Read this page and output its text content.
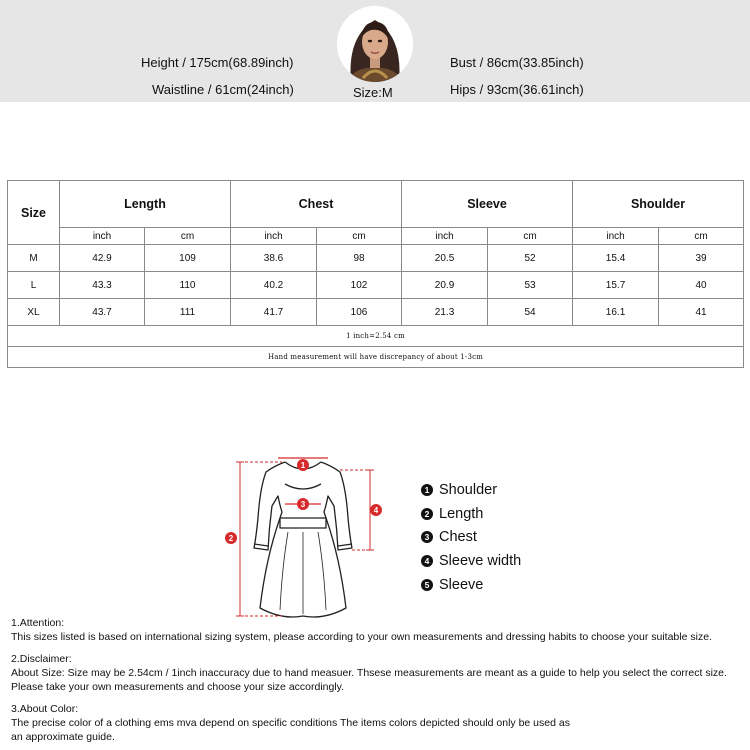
Height / 175cm(68.89inch)
Waistline / 61cm(24inch)	Size:M
Bust / 86cm(33.85inch)
Hips / 93cm(36.61inch)
Size	Length		Chest		Sleeve		Shoulder	
	inch	cm	inch	cm	inch	cm	inch	cm
M	42.9	109	38.6	98	20.5	52	15.4	39
L	43.3	110	40.2	102	20.9	53	15.7	40
XL	43.7	111	41.7	106	21.3	54	16.1	41
1 inch=2.54 cm								
Hand measurement will have discrepancy of about 1-3cm								
1
2
3
4
1 Shoulder
2 Length
3 Chest
4 Sleeve width
5 Sleeve

1.Attention:

This sizes listed is based on international sizing system, please according to your own measurements and dressing habits to choose your suitable size.

2.Disclaimer:

About Size: Size may be 2.54cm / 1inch inaccuracy due to hand measuer. Thsese measurements are meant as a guide to help you select the correct size.

Please take your own measurements and choose your size accordingly.

3.About Color:

The precise color of a clothing ems mva depend on specific conditions The items colors depicted should only be used as

an approximate guide.
